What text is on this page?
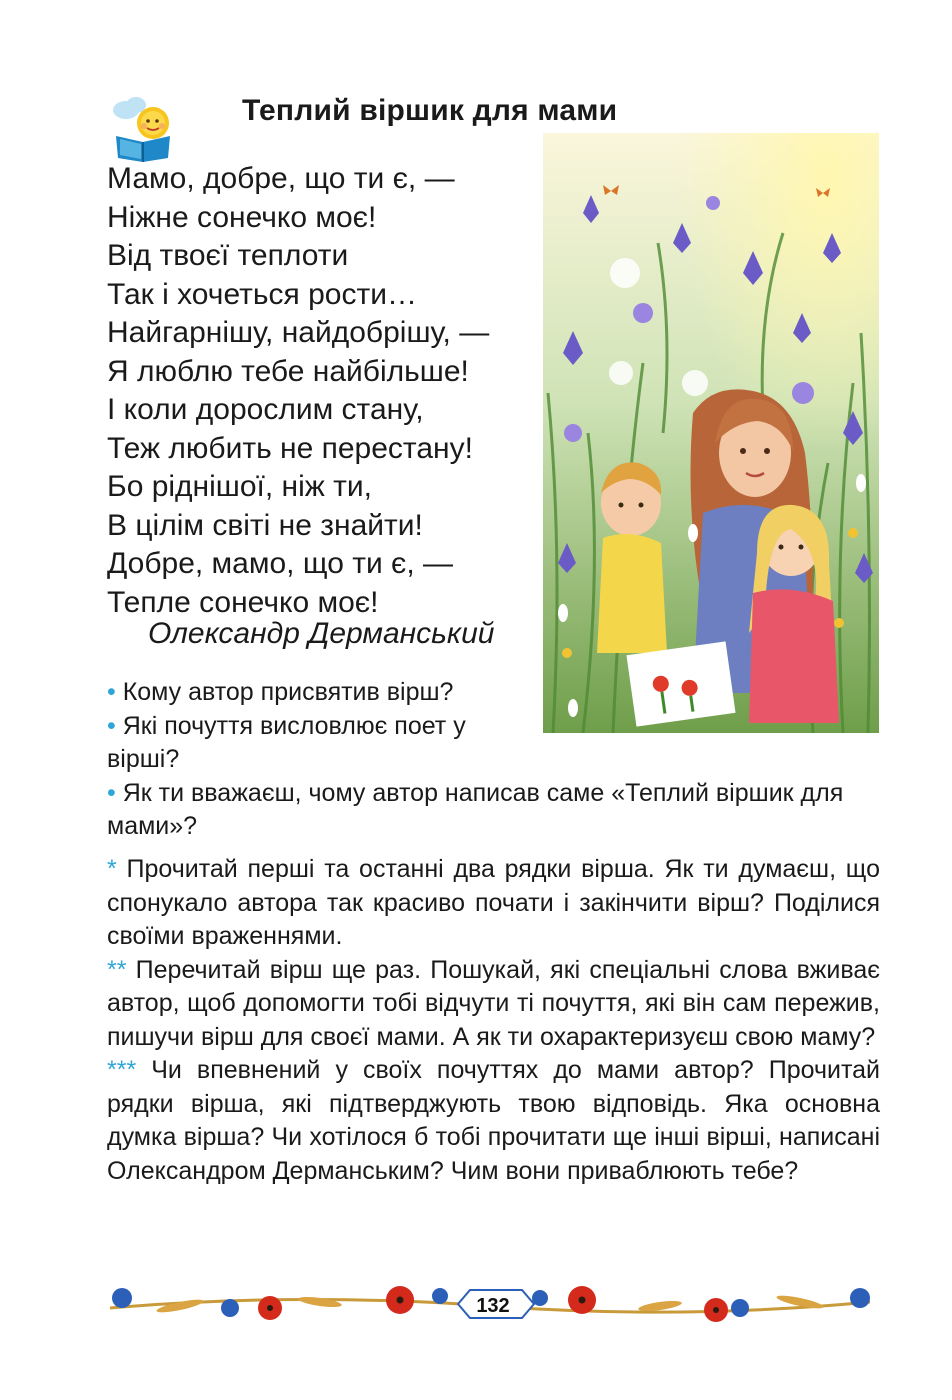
Теплий віршик для мами
Мамо, добре, що ти є, —
Ніжне сонечко моє!
Від твоєї теплоти
Так і хочеться рости…
Найгарнішу, найдобрішу, —
Я люблю тебе найбільше!
І коли дорослим стану,
Теж любить не перестану!
Бо ріднішої, ніж ти,
В цілім світі не знайти!
Добре, мамо, що ти є, —
Тепле сонечко моє!
Олександр Дерманський
• Кому автор присвятив вірш?
• Які почуття висловлює поет у вірші?
• Як ти вважаєш, чому автор написав саме «Теплий віршик для мами»?
* Прочитай перші та останні два рядки вірша. Як ти думаєш, що спонукало автора так красиво почати і закінчити вірш? Поділися своїми враженнями.
** Перечитай вірш ще раз. Пошукай, які спеціальні слова вживає автор, щоб допомогти тобі відчути ті почуття, які він сам пережив, пишучи вірш для своєї мами. А як ти охарактеризуєш свою маму?
*** Чи впевнений у своїх почуттях до мами автор? Прочитай рядки вірша, які підтверджують твою відповідь. Яка основна думка вірша? Чи хотілося б тобі прочитати ще інші вірші, написані Олександром Дерманським? Чим вони приваблюють тебе?
132
